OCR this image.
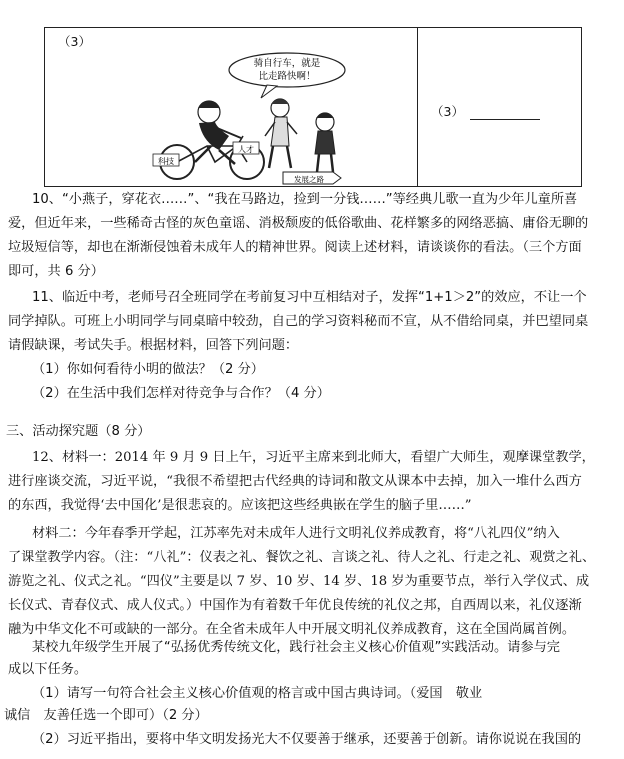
（3）
（3）
骑自行车，就是
比走路快啊！
科技
人才
发展之路
10、“小燕子，穿花衣……”、“我在马路边，捡到一分钱……”等经典儿歌一直为少年儿童所喜
爱，但近年来，一些稀奇古怪的灰色童谣、消极颓废的低俗歌曲、花样繁多的网络恶搞、庸俗无聊的
垃圾短信等，却也在渐渐侵蚀着未成年人的精神世界。阅读上述材料，请谈谈你的看法。（三个方面
即可，共 6 分）
11、临近中考，老师号召全班同学在考前复习中互相结对子，发挥“1+1＞2”的效应，不让一个
同学掉队。可班上小明同学与同桌暗中较劲，自己的学习资料秘而不宣，从不借给同桌，并巴望同桌
请假缺课，考试失手。根据材料，回答下列问题：
（1）你如何看待小明的做法？（2 分）
（2）在生活中我们怎样对待竞争与合作？（4 分）
三、活动探究题（8 分）
12、材料一：2014 年 9 月 9 日上午，习近平主席来到北师大，看望广大师生，观摩课堂教学，
进行座谈交流，习近平说，“我很不希望把古代经典的诗词和散文从课本中去掉，加入一堆什么西方
的东西，我觉得‘去中国化’是很悲哀的。应该把这些经典嵌在学生的脑子里……”
材料二：今年春季开学起，江苏率先对未成年人进行文明礼仪养成教育，将“八礼四仪”纳入
了课堂教学内容。（注：“八礼”：仪表之礼、餐饮之礼、言谈之礼、待人之礼、行走之礼、观赏之礼、
游览之礼、仪式之礼。“四仪”主要是以 7 岁、10 岁、14 岁、18 岁为重要节点，举行入学仪式、成
长仪式、青春仪式、成人仪式。）中国作为有着数千年优良传统的礼仪之邦，自西周以来，礼仪逐渐
融为中华文化不可或缺的一部分。在全省未成年人中开展文明礼仪养成教育，这在全国尚属首例。
某校九年级学生开展了“弘扬优秀传统文化，践行社会主义核心价值观”实践活动。请参与完
成以下任务。
（1）请写一句符合社会主义核心价值观的格言或中国古典诗词。（爱国　敬业
诚信　友善任选一个即可）（2 分）
（2）习近平指出，要将中华文明发扬光大不仅要善于继承，还要善于创新。请你说说在我国的
